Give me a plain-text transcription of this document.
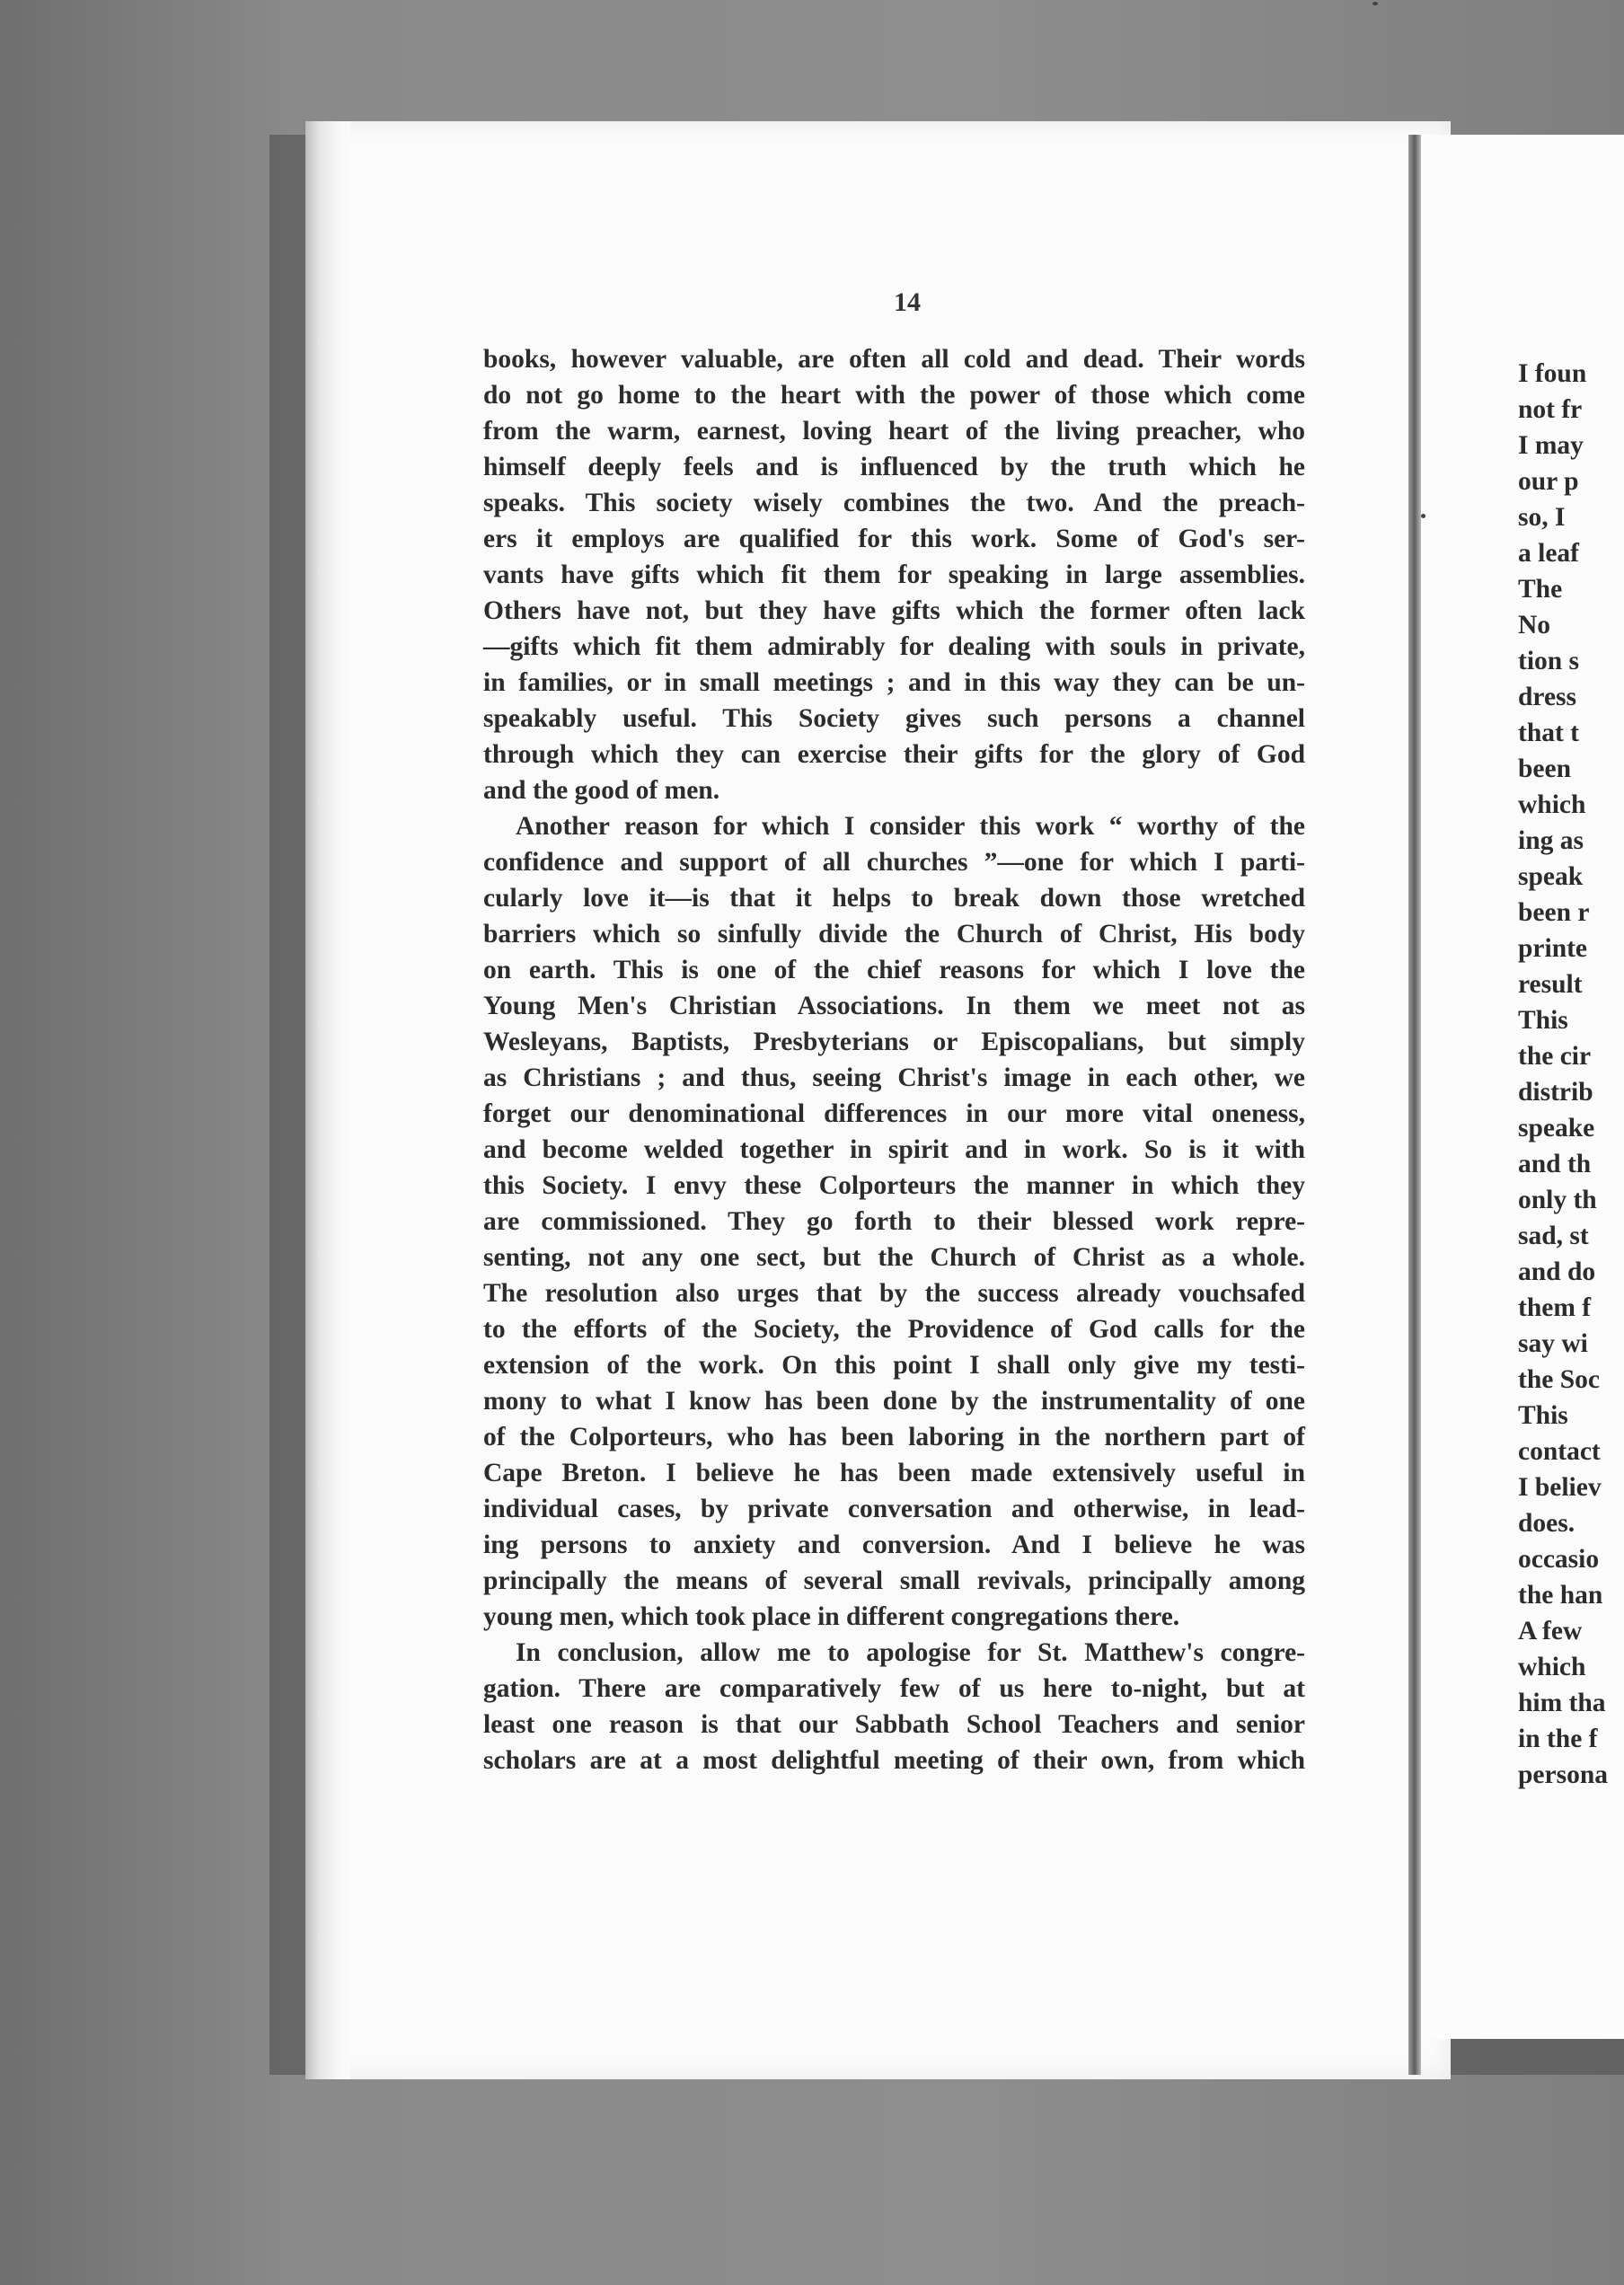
14
books, however valuable, are often all cold and dead. Their words
do not go home to the heart with the power of those which come
from the warm, earnest, loving heart of the living preacher, who
himself deeply feels and is influenced by the truth which he
speaks. This society wisely combines the two. And the preach-
ers it employs are qualified for this work. Some of God's ser-
vants have gifts which fit them for speaking in large assemblies.
Others have not, but they have gifts which the former often lack
—gifts which fit them admirably for dealing with souls in private,
in families, or in small meetings ; and in this way they can be un-
speakably useful. This Society gives such persons a channel
through which they can exercise their gifts for the glory of God
and the good of men.
Another reason for which I consider this work “ worthy of the
confidence and support of all churches ”—one for which I parti-
cularly love it—is that it helps to break down those wretched
barriers which so sinfully divide the Church of Christ, His body
on earth. This is one of the chief reasons for which I love the
Young Men's Christian Associations. In them we meet not as
Wesleyans, Baptists, Presbyterians or Episcopalians, but simply
as Christians ; and thus, seeing Christ's image in each other, we
forget our denominational differences in our more vital oneness,
and become welded together in spirit and in work. So is it with
this Society. I envy these Colporteurs the manner in which they
are commissioned. They go forth to their blessed work repre-
senting, not any one sect, but the Church of Christ as a whole.
The resolution also urges that by the success already vouchsafed
to the efforts of the Society, the Providence of God calls for the
extension of the work. On this point I shall only give my testi-
mony to what I know has been done by the instrumentality of one
of the Colporteurs, who has been laboring in the northern part of
Cape Breton. I believe he has been made extensively useful in
individual cases, by private conversation and otherwise, in lead-
ing persons to anxiety and conversion. And I believe he was
principally the means of several small revivals, principally among
young men, which took place in different congregations there.
In conclusion, allow me to apologise for St. Matthew's congre-
gation. There are comparatively few of us here to-night, but at
least one reason is that our Sabbath School Teachers and senior
scholars are at a most delightful meeting of their own, from which
I foun
not fr
I may
our p
so, I
a leaf
The
No
tion s
dress
that t
been
which
ing as
speak
been r
printe
result
This
the cir
distrib
speake
and th
only th
sad, st
and do
them f
say wi
the Soc
This
contact
I believ
does.
occasio
the han
A few
which
him tha
in the f
persona
